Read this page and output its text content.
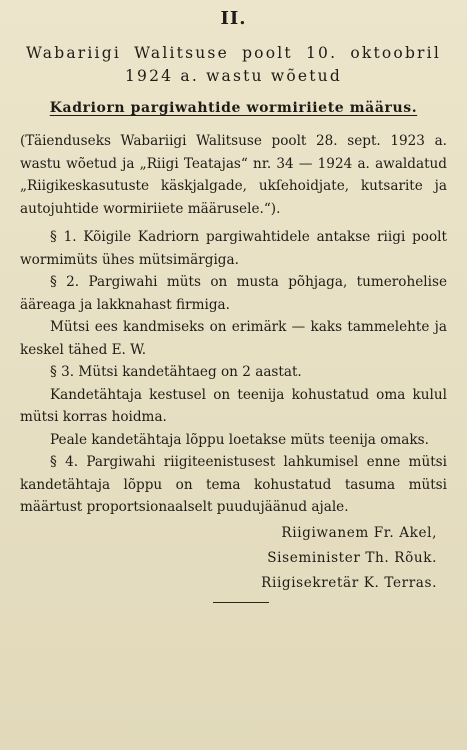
II.
Wabariigi Walitsuse poolt 10. oktoobril 1924 a. wastu wõetud
Kadriorn pargiwahtide wormiriiete määrus.

(Täienduseks Wabariigi Walitsuse poolt 28. sept. 1923 a. wastu wõetud ja „Riigi Teatajas“ nr. 34 — 1924 a. awaldatud „Riigikeskasutuste käskjalgade, ukſehoidjate, kutsarite ja autojuhtide wormiriiete määrusele.“).

§ 1. Kõigile Kadriorn pargiwahtidele antakse riigi poolt wormimüts ühes mütsimärgiga.

§ 2. Pargiwahi müts on musta põhjaga, tumerohelise ääreaga ja lakknahast firmiga.

Mütsi ees kandmiseks on erimärk — kaks tammelehte ja keskel tähed E. W.

§ 3. Mütsi kandetähtaeg on 2 aastat.

Kandetähtaja kestusel on teenija kohustatud oma kulul mütsi korras hoidma.

Peale kandetähtaja lõppu loetakse müts teenija omaks.

§ 4. Pargiwahi riigiteenistusest lahkumisel enne mütsi kandetähtaja lõppu on tema kohustatud tasuma mütsi määrtust proportsionaalselt puudujäänud ajale.

Riigiwanem Fr. Akel,

Siseminister Th. Rõuk.

Riigisekretär K. Terras.
